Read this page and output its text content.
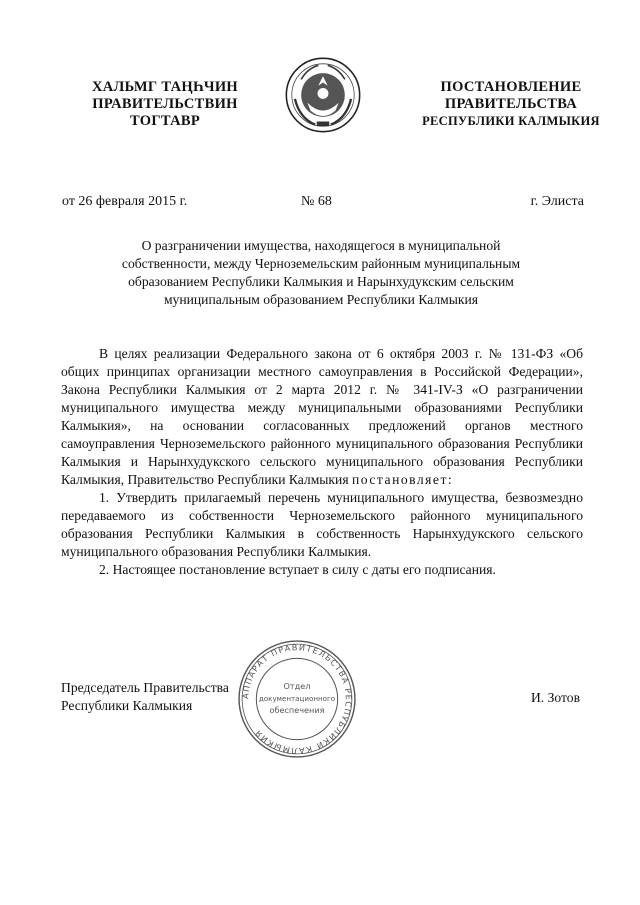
ХАЛЬМГ ТАҢҺЧИН
ПРАВИТЕЛЬСТВИН
ТОГТАВР
ПОСТАНОВЛЕНИЕ
ПРАВИТЕЛЬСТВА
РЕСПУБЛИКИ КАЛМЫКИЯ
от 26 февраля 2015 г.	№ 68	г. Элиста
О разграничении имущества, находящегося в муниципальной
собственности, между Черноземельским районным муниципальным
образованием Республики Калмыкия и Нарынхудукским сельским
муниципальным образованием Республики Калмыкия

В целях реализации Федерального закона от 6 октября 2003 г. № 131-ФЗ «Об общих принципах организации местного самоуправления в Российской Федерации», Закона Республики Калмыкия от 2 марта 2012 г. № 341-IV-З «О разграничении муниципального имущества между муниципальными образованиями Республики Калмыкия», на основании согласованных предложений органов местного самоуправления Черноземельского районного муниципального образования Республики Калмыкия и Нарынхудукского сельского муниципального образования Республики Калмыкия, Правительство Республики Калмыкия постановляет:

1. Утвердить прилагаемый перечень муниципального имущества, безвозмездно передаваемого из собственности Черноземельского районного муниципального образования Республики Калмыкия в собственность Нарынхудукского сельского муниципального образования Республики Калмыкия.

2. Настоящее постановление вступает в силу с даты его подписания.

Председатель Правительства
Республики Калмыкия
АППАРАТ ПРАВИТЕЛЬСТВА РЕСПУБЛИКИ КАЛМЫКИЯ
Отдел
документационного
обеспечения
И. Зотов
